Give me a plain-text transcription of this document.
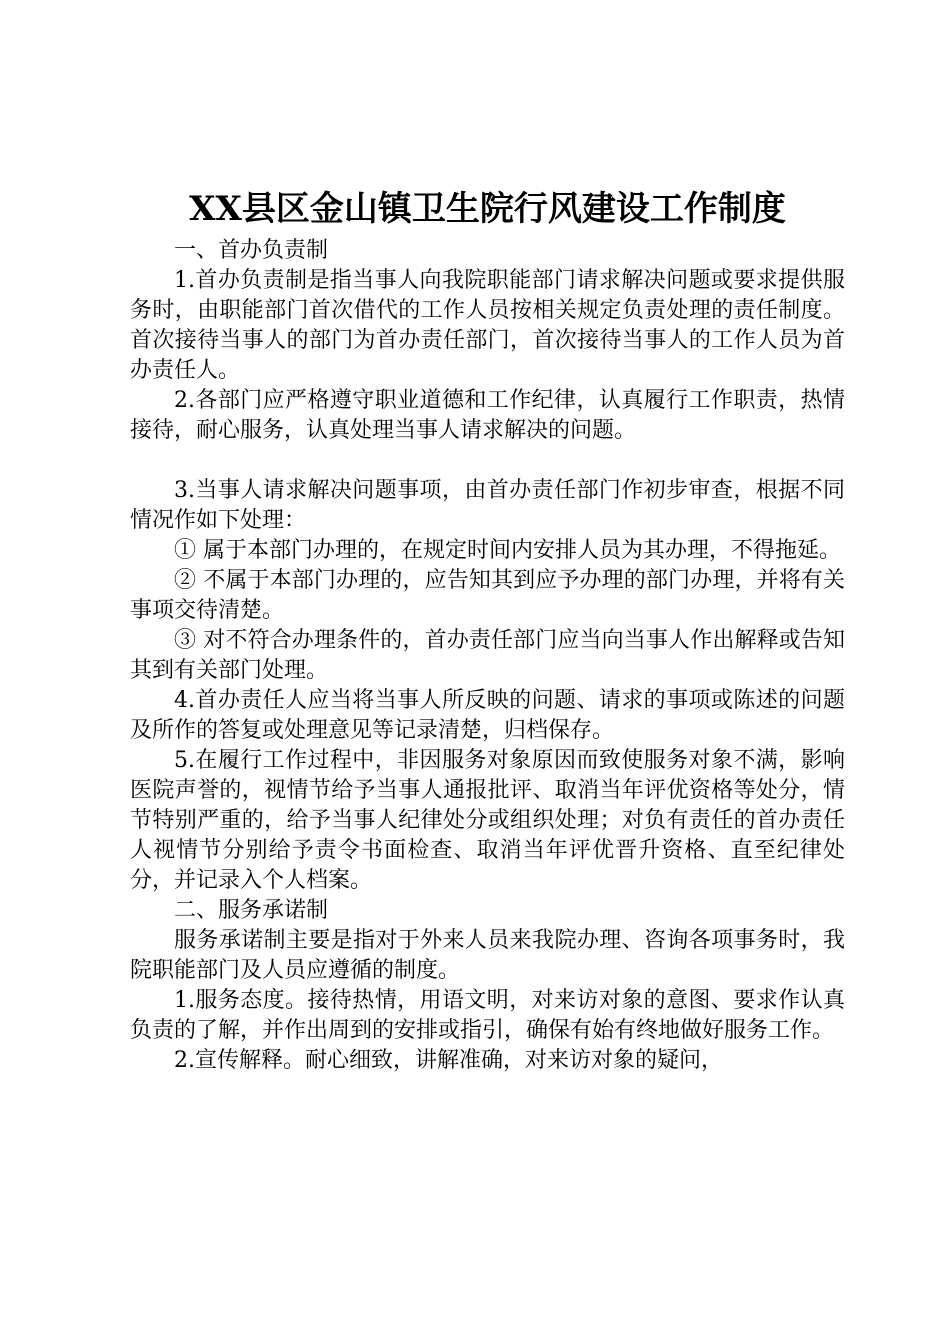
XX县区金山镇卫生院行风建设工作制度

一、首办负责制

1.首办负责制是指当事人向我院职能部门请求解决问题或要求提供服务时，由职能部门首次借代的工作人员按相关规定负责处理的责任制度。首次接待当事人的部门为首办责任部门，首次接待当事人的工作人员为首办责任人。

2.各部门应严格遵守职业道德和工作纪律，认真履行工作职责，热情接待，耐心服务，认真处理当事人请求解决的问题。

3.当事人请求解决问题事项，由首办责任部门作初步审查，根据不同情况作如下处理：

① 属于本部门办理的，在规定时间内安排人员为其办理，不得拖延。

② 不属于本部门办理的，应告知其到应予办理的部门办理，并将有关事项交待清楚。

③ 对不符合办理条件的，首办责任部门应当向当事人作出解释或告知其到有关部门处理。

4.首办责任人应当将当事人所反映的问题、请求的事项或陈述的问题及所作的答复或处理意见等记录清楚，归档保存。

5.在履行工作过程中，非因服务对象原因而致使服务对象不满，影响医院声誉的，视情节给予当事人通报批评、取消当年评优资格等处分，情节特别严重的，给予当事人纪律处分或组织处理；对负有责任的首办责任人视情节分别给予责令书面检查、取消当年评优晋升资格、直至纪律处分，并记录入个人档案。

二、服务承诺制

服务承诺制主要是指对于外来人员来我院办理、咨询各项事务时，我院职能部门及人员应遵循的制度。

1.服务态度。接待热情，用语文明，对来访对象的意图、要求作认真负责的了解，并作出周到的安排或指引，确保有始有终地做好服务工作。

2.宣传解释。耐心细致，讲解准确，对来访对象的疑问，
